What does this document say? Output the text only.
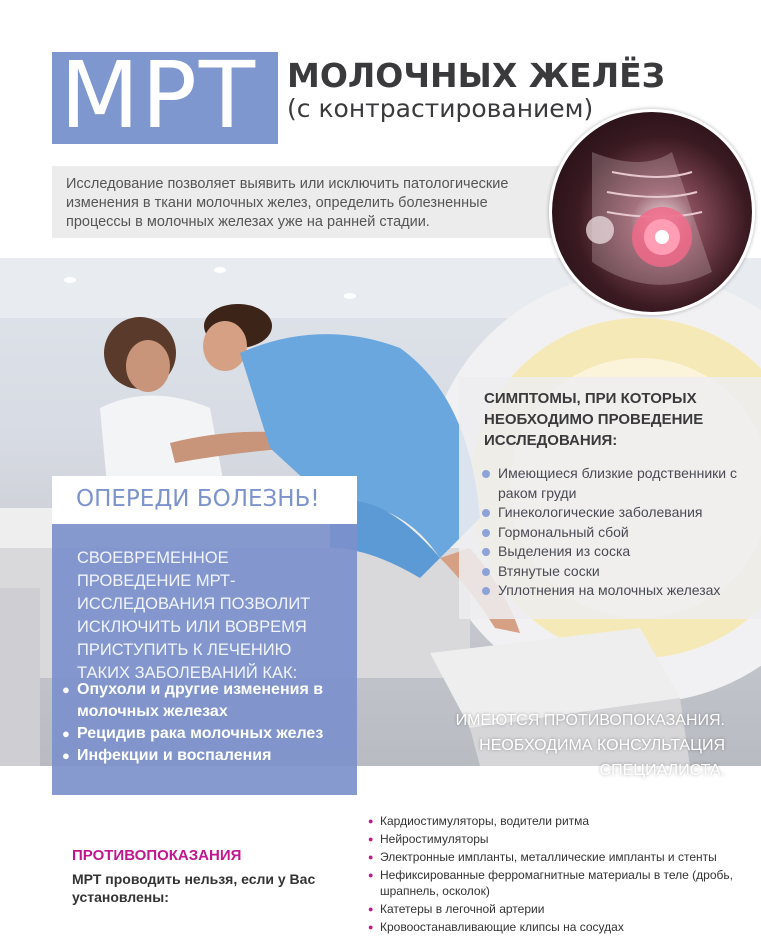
МРТ МОЛОЧНЫХ ЖЕЛЁЗ
(с контрастированием)
Исследование позволяет выявить или исключить патологические изменения в ткани молочных желез, определить болезненные процессы в молочных железах уже на ранней стадии.
СИМПТОМЫ, ПРИ КОТОРЫХ НЕОБХОДИМО ПРОВЕДЕНИЕ ИССЛЕДОВАНИЯ:
Имеющиеся близкие родственники с раком груди
Гинекологические заболевания
Гормональный сбой
Выделения из соска
Втянутые соски
Уплотнения на молочных железах
ОПЕРЕДИ БОЛЕЗНЬ!
СВОЕВРЕМЕННОЕ ПРОВЕДЕНИЕ МРТ-ИССЛЕДОВАНИЯ ПОЗВОЛИТ ИСКЛЮЧИТЬ ИЛИ ВОВРЕМЯ ПРИСТУПИТЬ К ЛЕЧЕНИЮ ТАКИХ ЗАБОЛЕВАНИЙ КАК:
● Опухоли и другие изменения в молочных железах
● Рецидив рака молочных желез
● Инфекции и воспаления
ИМЕЮТСЯ ПРОТИВОПОКАЗАНИЯ.
НЕОБХОДИМА КОНСУЛЬТАЦИЯ СПЕЦИАЛИСТА.
ПРОТИВОПОКАЗАНИЯ
МРТ проводить нельзя, если у Вас установлены:
● Кардиостимуляторы, водители ритма
● Нейростимуляторы
● Электронные импланты, металлические импланты и стенты
● Нефиксированные ферромагнитные материалы в теле (дробь, шрапнель, осколок)
● Катетеры в легочной артерии
● Кровоостанавливающие клипсы на сосудах
